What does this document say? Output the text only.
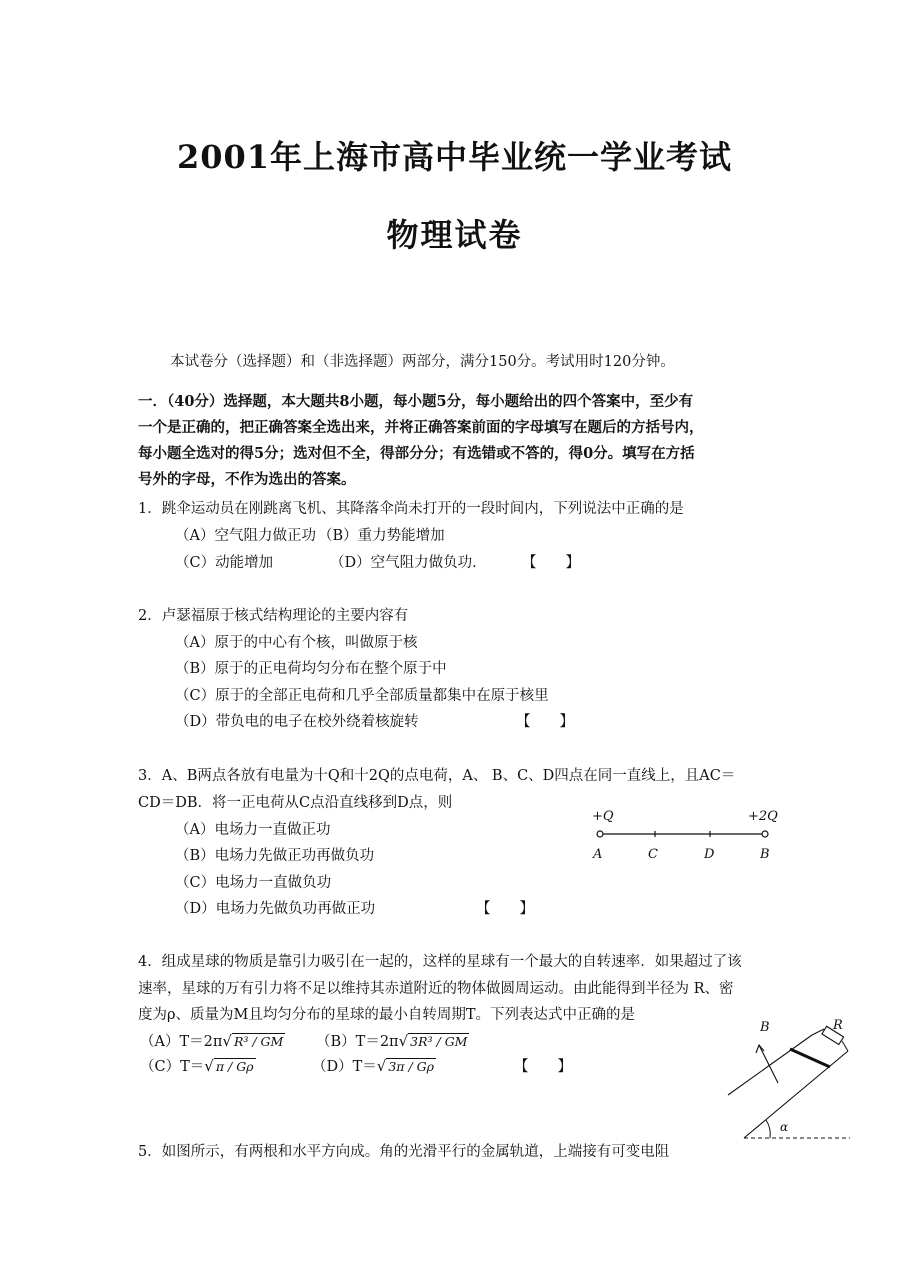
2001年上海市高中毕业统一学业考试
物理试卷
本试卷分（选择题）和（非选择题）两部分，满分150分。考试用时120分钟。
一．（40分）选择题，本大题共8小题，每小题5分，每小题给出的四个答案中，至少有
一个是正确的，把正确答案全选出来，并将正确答案前面的字母填写在题后的方括号内，
每小题全选对的得5分；选对但不全，得部分分；有选错或不答的，得0分。填写在方括
号外的字母，不作为选出的答案。
1．跳伞运动员在刚跳离飞机、其降落伞尚未打开的一段时间内，下列说法中正确的是
（A）空气阻力做正功 （B）重力势能增加
（C）动能增加	（D）空气阻力做负功． 【　　】
2．卢瑟福原于核式结构理论的主要内容有
（A）原于的中心有个核，叫做原于核
（B）原于的正电荷均匀分布在整个原于中
（C）原于的全部正电荷和几乎全部质量都集中在原于核里
（D）带负电的电子在校外绕着核旋转	【　　】
3．A、B两点各放有电量为十Q和十2Q的点电荷，A、 B、C、D四点在同一直线上，且AC＝
CD＝DB．将一正电荷从C点沿直线移到D点，则
（A）电场力一直做正功
（B）电场力先做正功再做负功
（C）电场力一直做负功
（D）电场力先做负功再做正功	【　　】
+Q	+2Q
A	C	D	B
4．组成星球的物质是靠引力吸引在一起的，这样的星球有一个最大的自转速率．如果超过了该
速率，星球的万有引力将不足以维持其赤道附近的物体做圆周运动。由此能得到半径为 R、密
度为ρ、质量为M且均匀分布的星球的最小自转周期T。下列表达式中正确的是
（A）T＝2π√ R³ / GM （B）T＝2π√ 3R³ / GM
（C）T＝√ π / Gρ	（D）T＝√ 3π / Gρ	【　　】
B	R
α
5．如图所示，有两根和水平方向成。角的光滑平行的金属轨道，上端接有可变电阻
